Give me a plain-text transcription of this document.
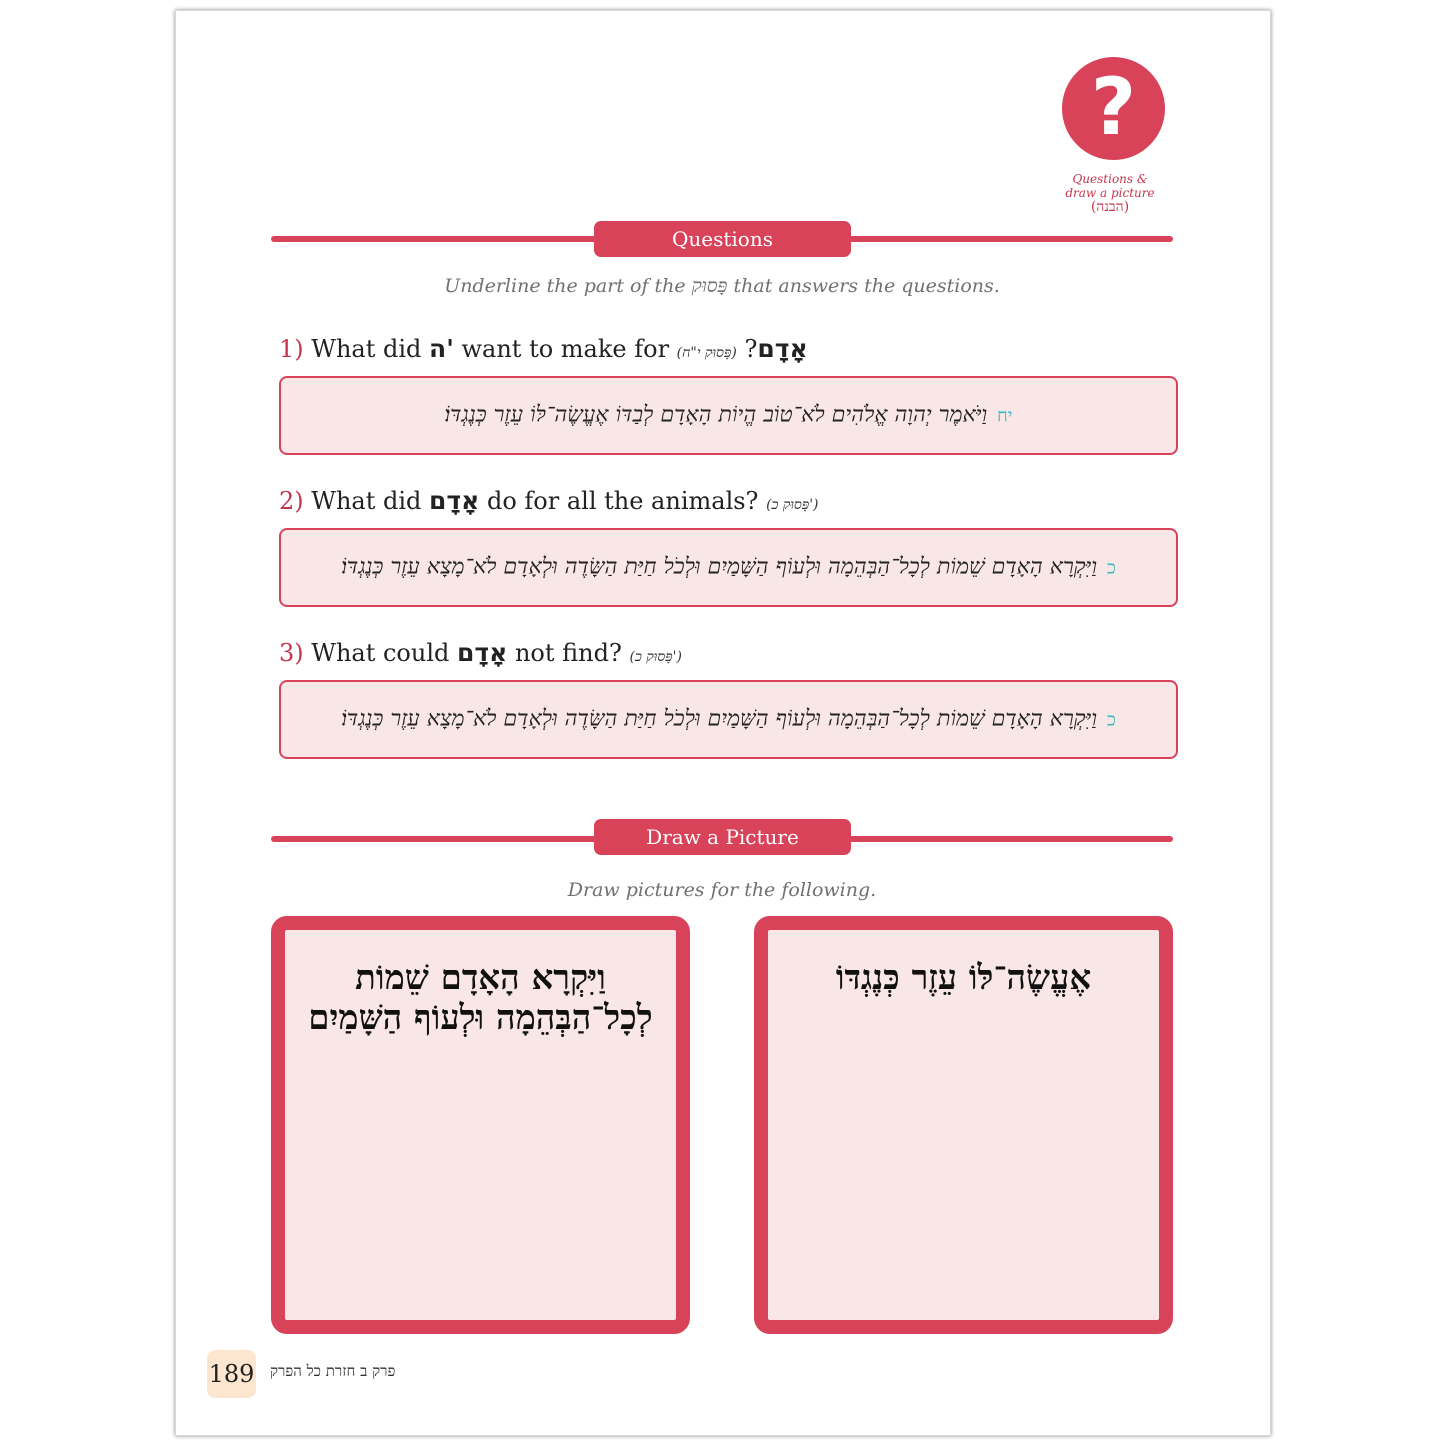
?
Questions &
draw a picture
(הבנה)
Questions
Underline the part of the פָּסוּק that answers the questions.
1) What did ה' want to make for	אָדָם? (פָּסוּק י"ח)
יחוַיֹּאמֶר יְהוָה אֱלֹהִים לֹא־טוֹב הֱיוֹת הָאָדָם לְבַדּוֹ אֶעֱשֶׂה־לּוֹ עֵזֶר כְּנֶגְדּוֹ׃
2) What did אָדָם do for all the animals? (פָּסוּק כ')
כוַיִּקְרָא הָאָדָם שֵׁמוֹת לְכָל־הַבְּהֵמָה וּלְעוֹף הַשָּׁמַיִם וּלְכֹל חַיַּת הַשָּׂדֶה וּלְאָדָם לֹא־מָצָא עֵזֶר כְּנֶגְדּוֹ׃
3) What could אָדָם not find? (פָּסוּק כ')
כוַיִּקְרָא הָאָדָם שֵׁמוֹת לְכָל־הַבְּהֵמָה וּלְעוֹף הַשָּׁמַיִם וּלְכֹל חַיַּת הַשָּׂדֶה וּלְאָדָם לֹא־מָצָא עֵזֶר כְּנֶגְדּוֹ׃
Draw a Picture
Draw pictures for the following.
וַיִּקְרָא הָאָדָם שֵׁמוֹת לְכָל־הַבְּהֵמָה וּלְעוֹף הַשָּׁמַיִם
אֶעֱשֶׂה־לּוֹ עֵזֶר כְּנֶגְדּוֹ
189 פרק ב חזרת כל הפרק
